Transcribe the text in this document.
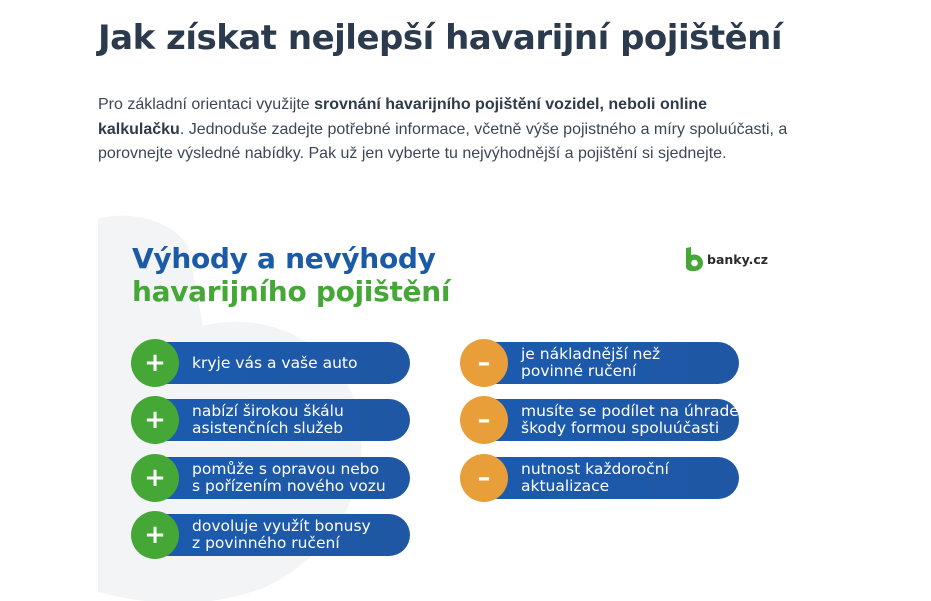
Jak získat nejlepší havarijní pojištění

Pro základní orientaci využijte srovnání havarijního pojištění vozidel, neboli online kalkulačku. Jednoduše zadejte potřebné informace, včetně výše pojistného a míry spoluúčasti, a porovnejte výsledné nabídky. Pak už jen vyberte tu nejvýhodnější a pojištění si sjednejte.

Výhody a nevýhody
havarijního pojištění
banky.cz
kryje vás a vaše auto
+
nabízí širokou škálu
asistenčních služeb
+
pomůže s opravou nebo
s pořízením nového vozu
+
dovoluje využít bonusy
z povinného ručení
+
je nákladnější než
povinné ručení
–
musíte se podílet na úhradě
škody formou spoluúčasti
–
nutnost každoroční
aktualizace
–
